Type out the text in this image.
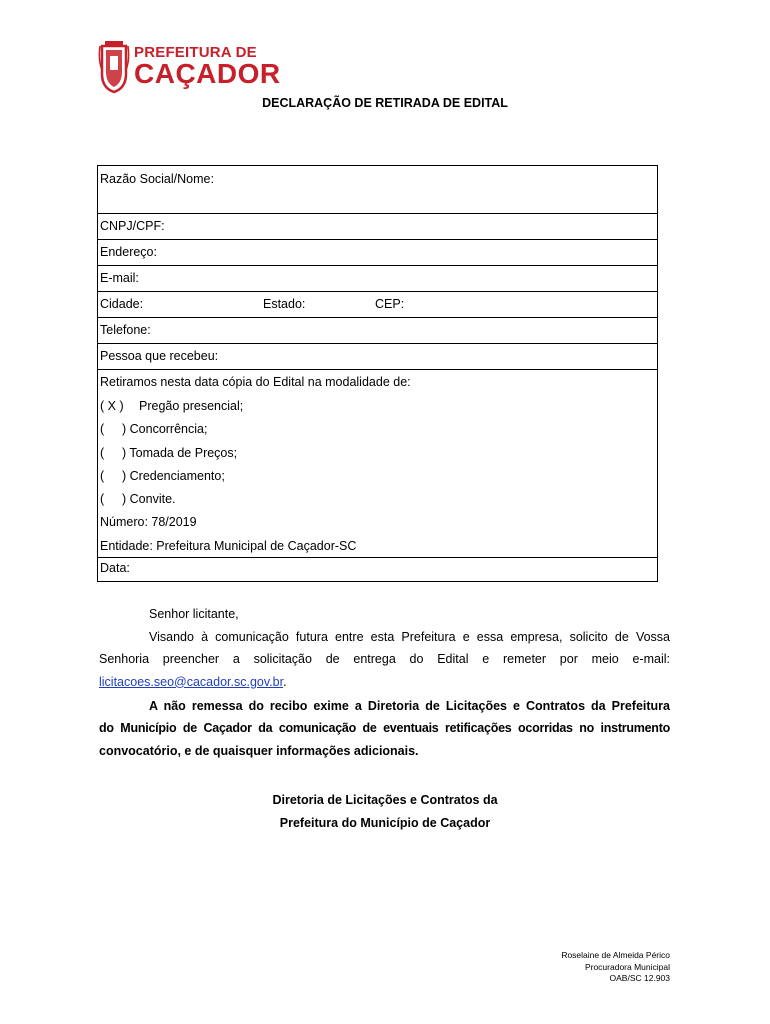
PREFEITURA DE
CAÇADOR
DECLARAÇÃO DE RETIRADA DE EDITAL
Razão Social/Nome:
CNPJ/CPF:
Endereço:
E-mail:
Cidade:	Estado:	CEP:
Telefone:
Pessoa que recebeu:
Retiramos nesta data cópia do Edital na modalidade de:
( X ) Pregão presencial;
( ) Concorrência;
( ) Tomada de Preços;
( ) Credenciamento;
( ) Convite.
Número: 78/2019
Entidade: Prefeitura Municipal de Caçador-SC
Data:
Senhor licitante,
Visando à comunicação futura entre esta Prefeitura e essa empresa, solicito de Vossa
Senhoria preencher a solicitação de entrega do Edital e remeter por meio e-mail:
licitacoes.seo@cacador.sc.gov.br.
A não remessa do recibo exime a Diretoria de Licitações e Contratos da Prefeitura
do Município de Caçador da comunicação de eventuais retificações ocorridas no instrumento
convocatório, e de quaisquer informações adicionais.
Diretoria de Licitações e Contratos da
Prefeitura do Município de Caçador
Roselaine de Almeida Périco
Procuradora Municipal
OAB/SC 12.903
